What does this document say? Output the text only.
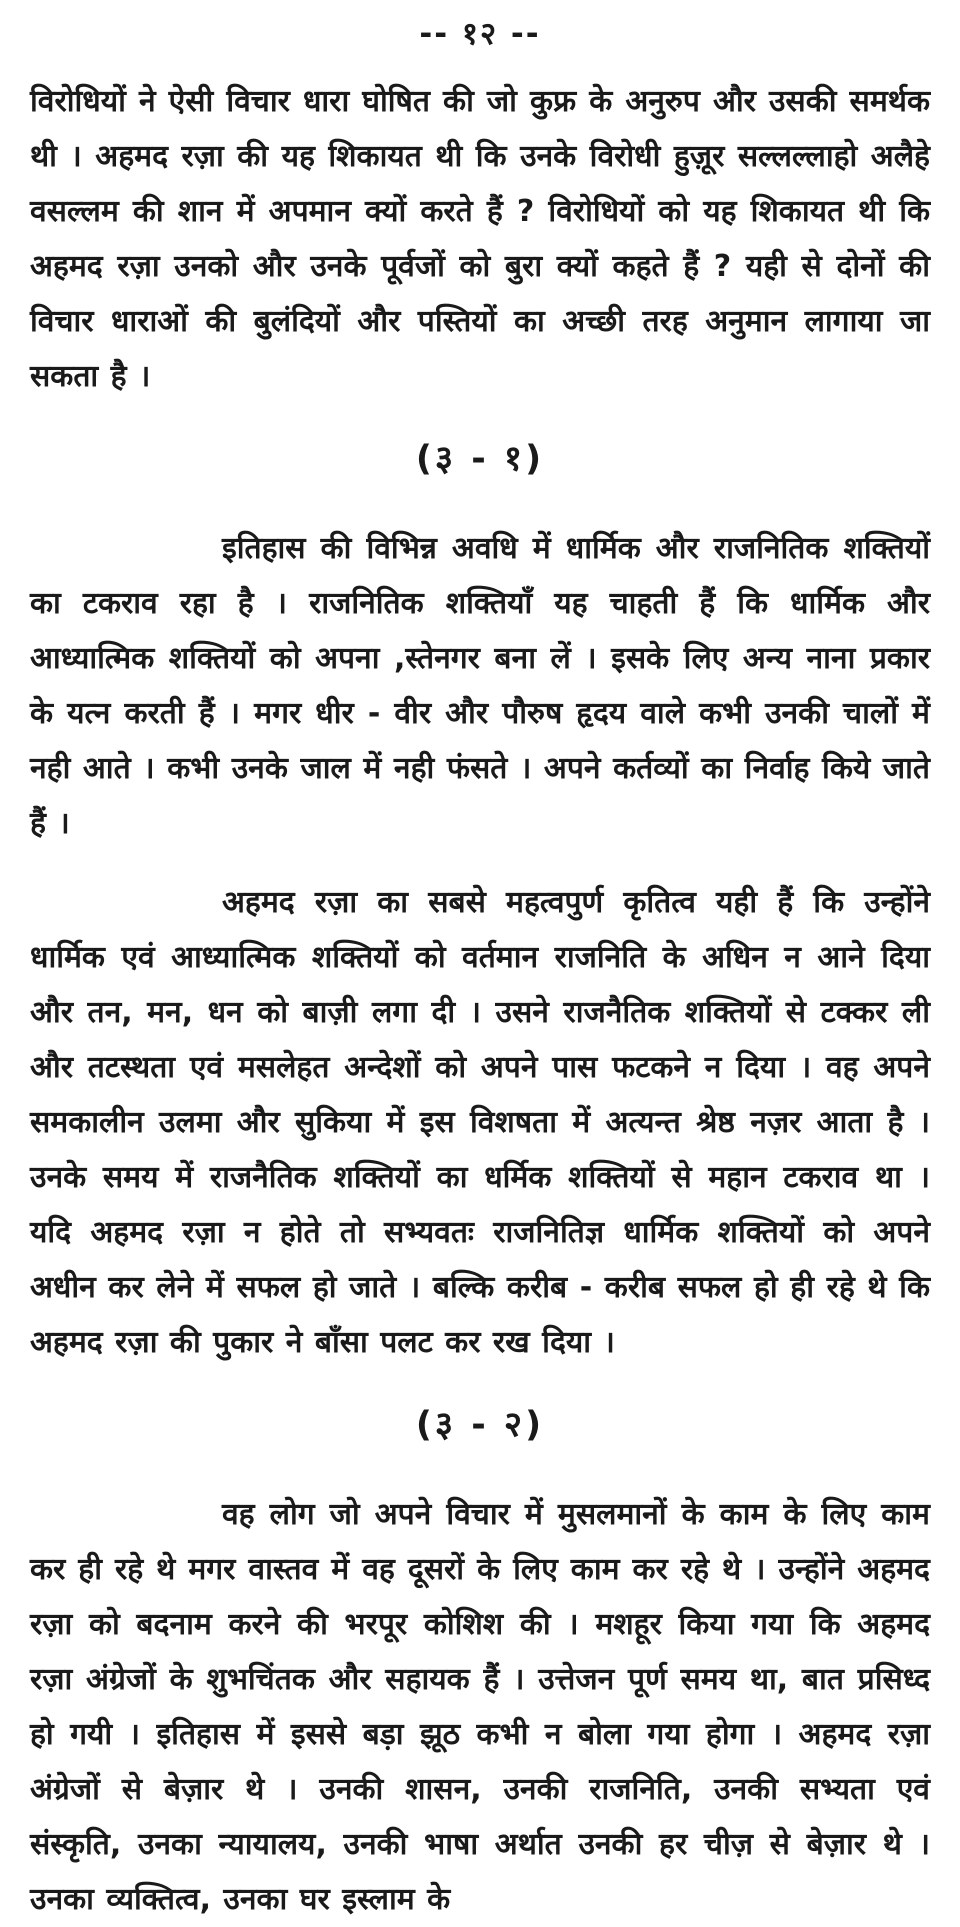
-- १२ --

विरोधियों ने ऐसी विचार धारा घोषित की जो कुफ्र के अनुरुप और उसकी समर्थक थी । अहमद रज़ा की यह शिकायत थी कि उनके विरोधी हुज़ूर सल्लल्लाहो अलैहे वसल्लम की शान में अपमान क्यों करते हैं ? विरोधियों को यह शिकायत थी कि अहमद रज़ा उनको और उनके पूर्वजों को बुरा क्यों कहते हैं ? यही से दोनों की विचार धाराओं की बुलंदियों और पस्तियों का अच्छी तरह अनुमान लागाया जा सकता है ।

(३ - १)

इतिहास की विभिन्न अवधि में धार्मिक और राजनितिक शक्तियों का टकराव रहा है । राजनितिक शक्तियाँ यह चाहती हैं कि धार्मिक और आध्यात्मिक शक्तियों को अपना ,स्तेनगर बना लें । इसके लिए अन्य नाना प्रकार के यत्न करती हैं । मगर धीर - वीर और पौरुष हृदय वाले कभी उनकी चालों में नही आते । कभी उनके जाल में नही फंसते । अपने कर्तव्यों का निर्वाह किये जाते हैं ।

अहमद रज़ा का सबसे महत्वपुर्ण कृतित्व यही हैं कि उन्होंने धार्मिक एवं आध्यात्मिक शक्तियों को वर्तमान राजनिति के अधिन न आने दिया और तन, मन, धन को बाज़ी लगा दी । उसने राजनैतिक शक्तियों से टक्कर ली और तटस्थता एवं मसलेहत अन्देशों को अपने पास फटकने न दिया । वह अपने समकालीन उलमा और सुकिया में इस विशषता में अत्यन्त श्रेष्ठ नज़र आता है । उनके समय में राजनैतिक शक्तियों का धर्मिक शक्तियों से महान टकराव था । यदि अहमद रज़ा न होते तो सभ्यवतः राजनितिज्ञ धार्मिक शक्तियों को अपने अधीन कर लेने में सफल हो जाते । बल्कि करीब - करीब सफल हो ही रहे थे कि अहमद रज़ा की पुकार ने बाँसा पलट कर रख दिया ।

(३ - २)

वह लोग जो अपने विचार में मुसलमानों के काम के लिए काम कर ही रहे थे मगर वास्तव में वह दूसरों के लिए काम कर रहे थे । उन्होंने अहमद रज़ा को बदनाम करने की भरपूर कोशिश की । मशहूर किया गया कि अहमद रज़ा अंग्रेजों के शुभचिंतक और सहायक हैं । उत्तेजन पूर्ण समय था, बात प्रसिध्द हो गयी । इतिहास में इससे बड़ा झूठ कभी न बोला गया होगा । अहमद रज़ा अंग्रेजों से बेज़ार थे । उनकी शासन, उनकी राजनिति, उनकी सभ्यता एवं संस्कृति, उनका न्यायालय, उनकी भाषा अर्थात उनकी हर चीज़ से बेज़ार थे । उनका व्यक्तित्व, उनका घर इस्लाम के
